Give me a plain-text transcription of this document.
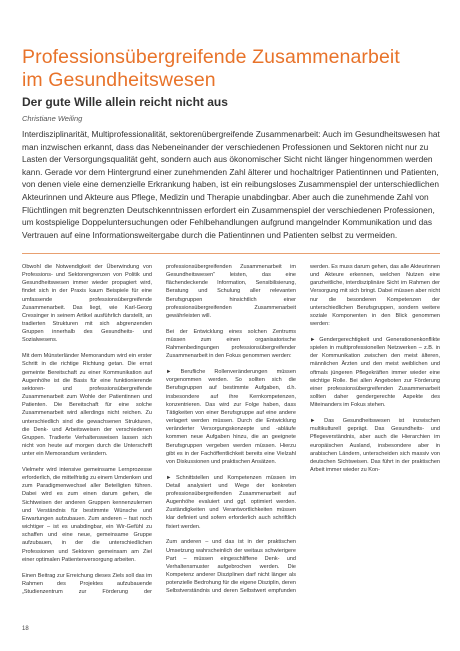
Professionsübergreifende Zusammenarbeit
im Gesundheitswesen
Der gute Wille allein reicht nicht aus
Christiane Weiling

Interdisziplinarität, Multiprofessionalität, sektorenübergreifende Zusammenarbeit: Auch im Gesundheitswesen hat man inzwischen erkannt, dass das Nebeneinander der verschiedenen Professionen und Sektoren nicht nur zu Lasten der Versorgungsqualität geht, sondern auch aus ökonomischer Sicht nicht länger hingenommen werden kann. Gerade vor dem Hintergrund einer zunehmenden Zahl älterer und hochaltriger Patientinnen und Patienten, von denen viele eine demenzielle Erkrankung haben, ist ein reibungsloses Zusammenspiel der unterschiedlichen Akteurinnen und Akteure aus Pflege, Medizin und Therapie unabdingbar. Aber auch die zunehmende Zahl von Flüchtlingen mit begrenzten Deutschkenntnissen erfordert ein Zusammenspiel der verschiedenen Professionen, um kostspielige Doppeluntersuchungen oder Fehlbehandlungen aufgrund mangelnder Kommunikation und das Vertrauen auf eine Informationsweitergabe durch die Patientinnen und Patienten selbst zu vermeiden.

Obwohl die Notwendigkeit der Überwindung von Professions- und Sektorengrenzen von Politik und Gesundheitswesen immer wieder propagiert wird, findet sich in der Praxis kaum Beispiele für eine umfassende professionsübergreifende Zusammenarbeit. Das liegt, wie Karl-Georg Cressinger in seinem Artikel ausführlich darstellt, an tradierten Strukturen mit sich abgrenzenden Gruppen innerhalb des Gesundheits- und Sozialwesens.

Mit dem Münsterländer Memorandum wird ein erster Schritt in die richtige Richtung getan. Die ernst gemeinte Bereitschaft zu einer Kommunikation auf Augenhöhe ist die Basis für eine funktionierende sektoren- und professionsübergreifende Zusammenarbeit zum Wohle der Patientinnen und Patienten. Die Bereitschaft für eine solche Zusammenarbeit wird allerdings nicht reichen. Zu unterschiedlich sind die gewachsenen Strukturen, die Denk- und Arbeitsweisen der verschiedenen Gruppen. Tradierte Verhaltensweisen lassen sich nicht von heute auf morgen durch die Unterschrift unter ein Memorandum verändern.

Vielmehr wird intensive gemeinsame Lernprozesse erforderlich, die mittelfristig zu einem Umdenken und zum Paradigmenwechsel aller Beteiligten führen. Dabei wird es zum einen darum gehen, die Sichtweisen der anderen Gruppen kennenzulernen und Verständnis für bestimmte Wünsche und Erwartungen aufzubauen. Zum anderen – fast noch wichtiger – ist es unabdingbar, ein Wir-Gefühl zu schaffen und eine neue, gemeinsame Gruppe aufzubauen, in der die unterschiedlichen Professionen und Sektoren gemeinsam am Ziel einer optimalen Patientenversorgung arbeiten.

Einen Beitrag zur Erreichung dieses Ziels soll das im Rahmen des Projektes aufzubauende „Studienzentrum zur Förderung der professionsübergreifenden Zusammenarbeit im Gesundheitswesen“ leisten, das eine flächendeckende Information, Sensibilisierung, Beratung und Schulung aller relevanten Berufsgruppen hinsichtlich einer professionsübergreifenden Zusammenarbeit gewährleisten will.

Bei der Entwicklung eines solchen Zentrums müssen zum einen organisatorische Rahmenbedingungen professionsübergreifender Zusammenarbeit in den Fokus genommen werden:

► Berufliche Rollenveränderungen müssen vorgenommen werden. So sollten sich die Berufsgruppen auf bestimmte Aufgaben, d.h. insbesondere auf ihre Kernkompetenzen, konzentrieren. Das wird zur Folge haben, dass Tätigkeiten von einer Berufsgruppe auf eine andere verlagert werden müssen. Durch die Entwicklung veränderter Versorgungskonzepte und -abläufe kommen neue Aufgaben hinzu, die an geeignete Berufsgruppen vergeben werden müssen. Hierzu gibt es in der Fachöffentlichkeit bereits eine Vielzahl von Diskussionen und praktischen Ansätzen.

► Schnittstellen und Kompetenzen müssen im Detail analysiert und Wege der konkreten professionsübergreifenden Zusammenarbeit auf Augenhöhe evaluiert und ggf. optimiert werden. Zuständigkeiten und Verantwortlichkeiten müssen klar definiert und sofern erforderlich auch schriftlich fixiert werden.

Zum anderen – und das ist in der praktischen Umsetzung wahrscheinlich der weitaus schwierigere Part – müssen eingeschliffene Denk- und Verhaltensmuster aufgebrochen werden. Die Kompetenz anderer Disziplinen darf nicht länger als potenzielle Bedrohung für die eigene Disziplin, deren Selbstverständnis und deren Selbstwert empfunden werden. Es muss darum gehen, das alle Akteurinnen und Akteure erkennen, welchen Nutzen eine ganzheitliche, interdisziplinäre Sicht im Rahmen der Versorgung mit sich bringt. Dabei müssen aber nicht nur die besonderen Kompetenzen der unterschiedlichen Berufsgruppen, sondern weitere soziale Komponenten in den Blick genommen werden:

► Gendergerechtigkeit und Generationenkonflikte spielen in multiprofessionellen Netzwerken – z.B. in der Kommunikation zwischen den meist älteren, männlichen Ärzten und den meist weiblichen und oftmals jüngeren Pflegekräften immer wieder eine wichtige Rolle. Bei allen Angeboten zur Förderung einer professionsübergreifenden Zusammenarbeit sollten daher gendergerechte Aspekte des Miteinanders im Fokus stehen.

► Das Gesundheitswesen ist inzwischen multikulturell geprägt. Das Gesundheits- und Pflegeverständnis, aber auch die Hierarchien im europäischen Ausland, insbesondere aber in arabischen Ländern, unterscheiden sich massiv von deutschen Sichtweisen. Das führt in der praktischen Arbeit immer wieder zu Kon-

18
